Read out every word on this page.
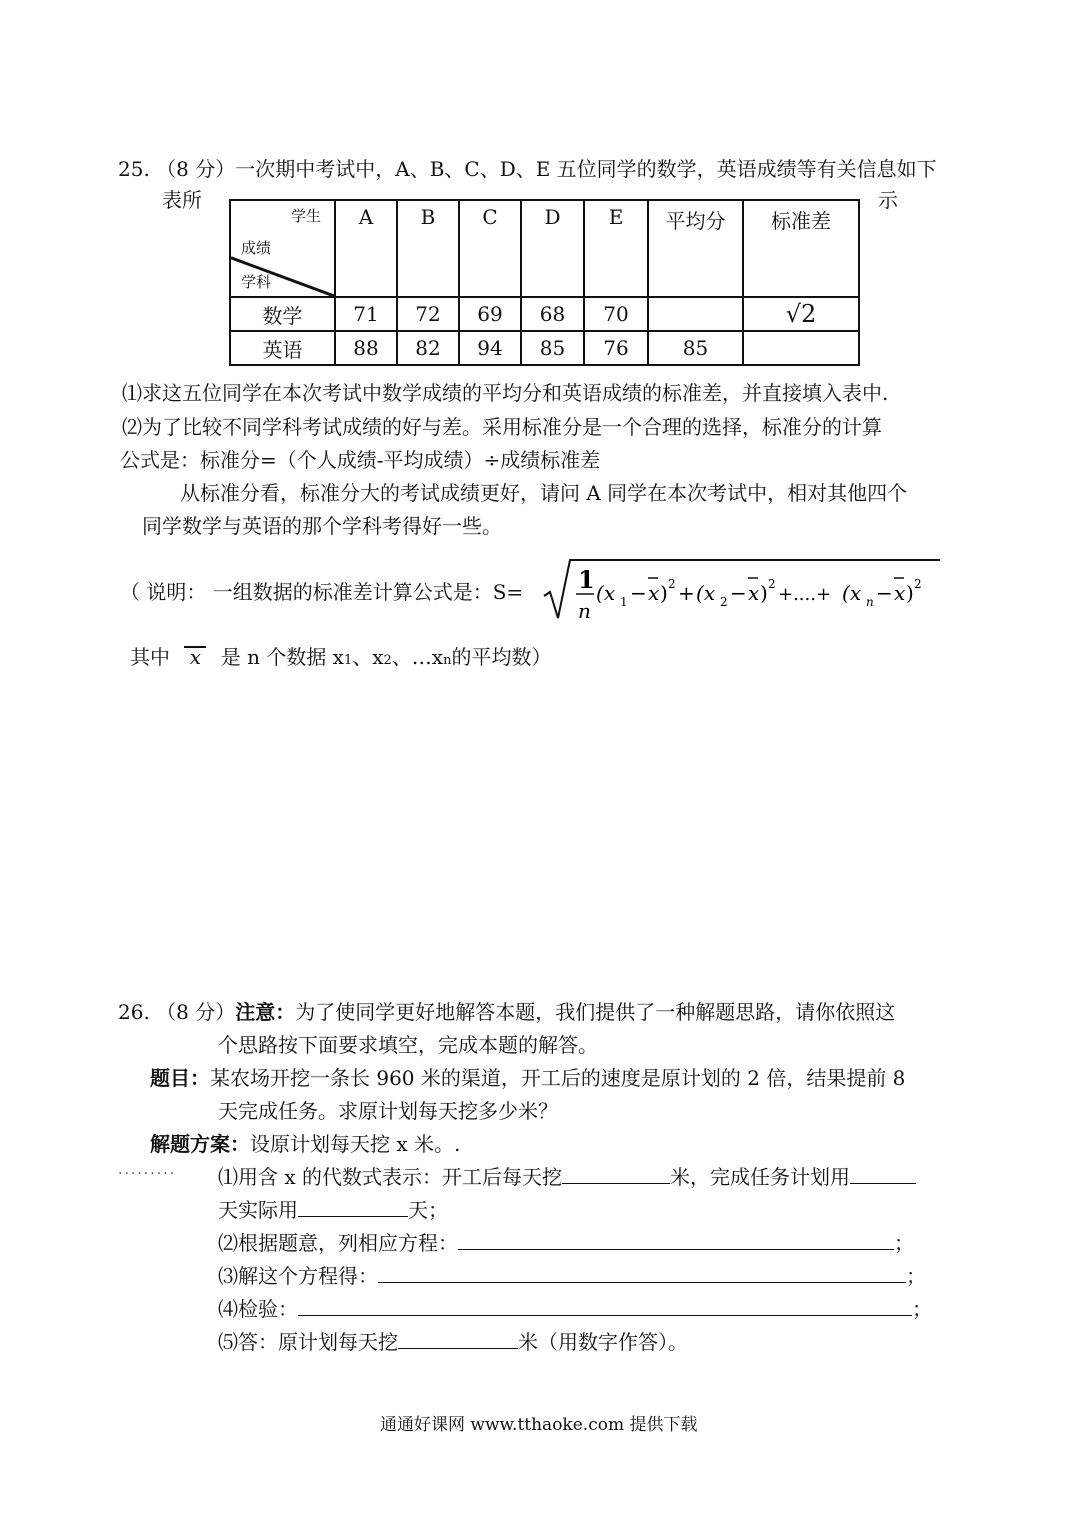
25. （8 分）一次期中考试中，A、B、C、D、E 五位同学的数学，英语成绩等有关信息如下
表所	示
学生
成绩
学科	A	B	C	D	E	平均分	标准差
数学	71	72	69	68	70		√2
英语	88	82	94	85	76	85	
⑴求这五位同学在本次考试中数学成绩的平均分和英语成绩的标准差，并直接填入表中.
⑵为了比较不同学科考试成绩的好与差。采用标准分是一个合理的选择，标准分的计算
公式是：标准分=（个人成绩-平均成绩）÷成绩标准差
从标准分看，标准分大的考试成绩更好，请问 A 同学在本次考试中，相对其他四个
同学数学与英语的那个学科考得好一些。
（ 说明： 一组数据的标准差计算公式是：S= 1
n
(x 1 − x ) 2 + (x 2 − x ) 2 +....+ (x n − x ) 2
其中 x 是 n 个数据 x1、x2、…xn的平均数）
26. （8 分）注意：为了使同学更好地解答本题，我们提供了一种解题思路，请你依照这
个思路按下面要求填空，完成本题的解答。
题目：某农场开挖一条长 960 米的渠道，开工后的速度是原计划的 2 倍，结果提前 8
天完成任务。求原计划每天挖多少米？
解题方案：设原计划每天挖 x 米。.
......... ⑴用含 x 的代数式表示：开工后每天挖	米，完成任务计划用
天实际用	天；
⑵根据题意，列相应方程：	；
⑶解这个方程得：	；
⑷检验：	；
⑸答：原计划每天挖	米（用数字作答）。
通通好课网 www.tthaoke.com 提供下载
